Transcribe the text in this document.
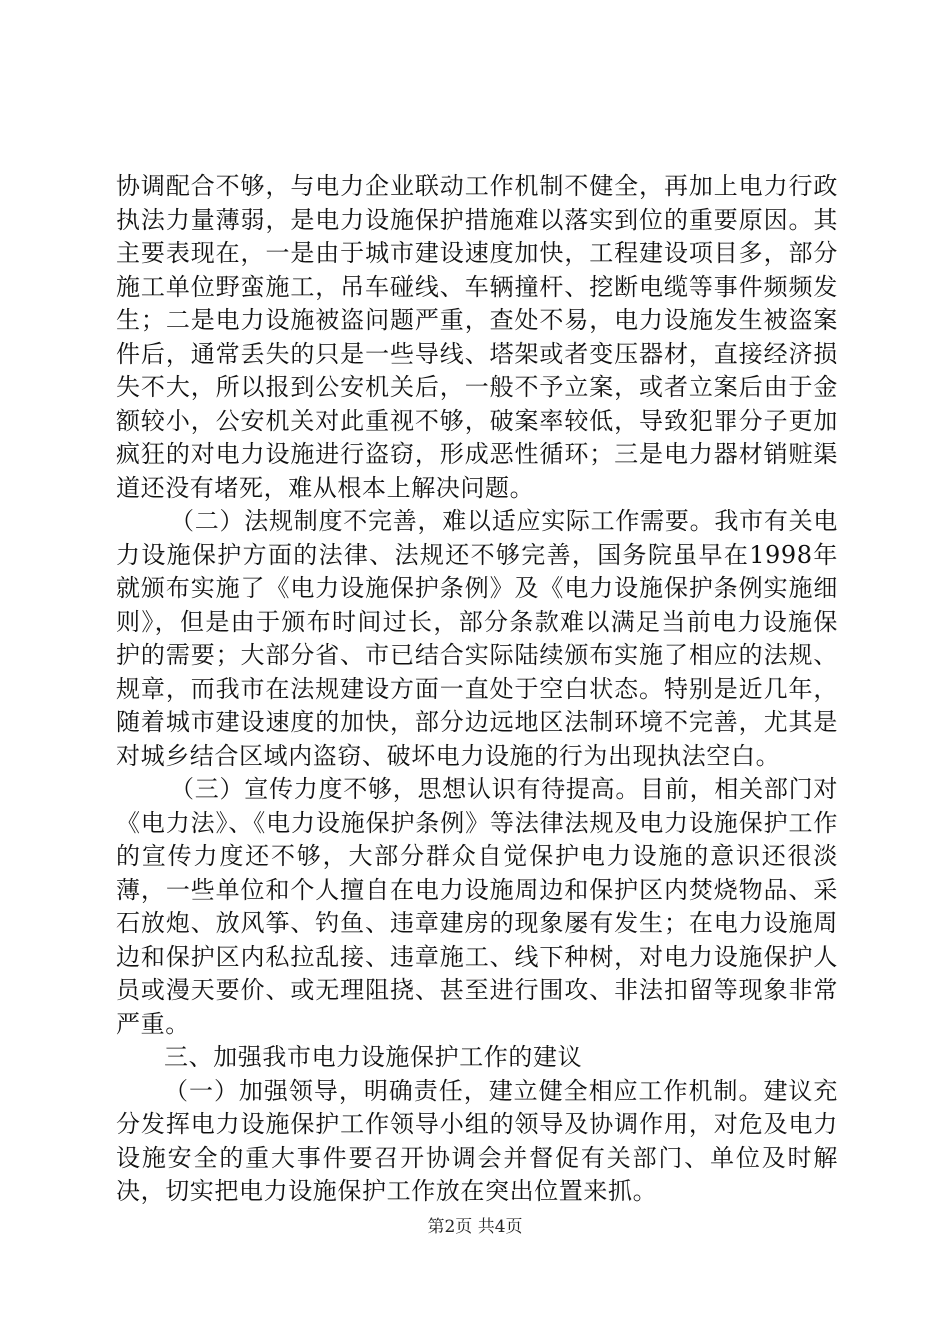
协调配合不够，与电力企业联动工作机制不健全，再加上电力行政执法力量薄弱，是电力设施保护措施难以落实到位的重要原因。其主要表现在，一是由于城市建设速度加快，工程建设项目多，部分施工单位野蛮施工，吊车碰线、车辆撞杆、挖断电缆等事件频频发生；二是电力设施被盗问题严重，查处不易，电力设施发生被盗案件后，通常丢失的只是一些导线、塔架或者变压器材，直接经济损失不大，所以报到公安机关后，一般不予立案，或者立案后由于金额较小，公安机关对此重视不够，破案率较低，导致犯罪分子更加疯狂的对电力设施进行盗窃，形成恶性循环；三是电力器材销赃渠道还没有堵死，难从根本上解决问题。

（二）法规制度不完善，难以适应实际工作需要。我市有关电力设施保护方面的法律、法规还不够完善，国务院虽早在1998年就颁布实施了《电力设施保护条例》及《电力设施保护条例实施细则》，但是由于颁布时间过长，部分条款难以满足当前电力设施保护的需要；大部分省、市已结合实际陆续颁布实施了相应的法规、规章，而我市在法规建设方面一直处于空白状态。特别是近几年，随着城市建设速度的加快，部分边远地区法制环境不完善，尤其是对城乡结合区域内盗窃、破坏电力设施的行为出现执法空白。

（三）宣传力度不够，思想认识有待提高。目前，相关部门对《电力法》、《电力设施保护条例》等法律法规及电力设施保护工作的宣传力度还不够，大部分群众自觉保护电力设施的意识还很淡薄，一些单位和个人擅自在电力设施周边和保护区内焚烧物品、采石放炮、放风筝、钓鱼、违章建房的现象屡有发生；在电力设施周边和保护区内私拉乱接、违章施工、线下种树，对电力设施保护人员或漫天要价、或无理阻挠、甚至进行围攻、非法扣留等现象非常严重。

三、加强我市电力设施保护工作的建议

（一）加强领导，明确责任，建立健全相应工作机制。建议充分发挥电力设施保护工作领导小组的领导及协调作用，对危及电力设施安全的重大事件要召开协调会并督促有关部门、单位及时解决，切实把电力设施保护工作放在突出位置来抓。

第2页 共4页
